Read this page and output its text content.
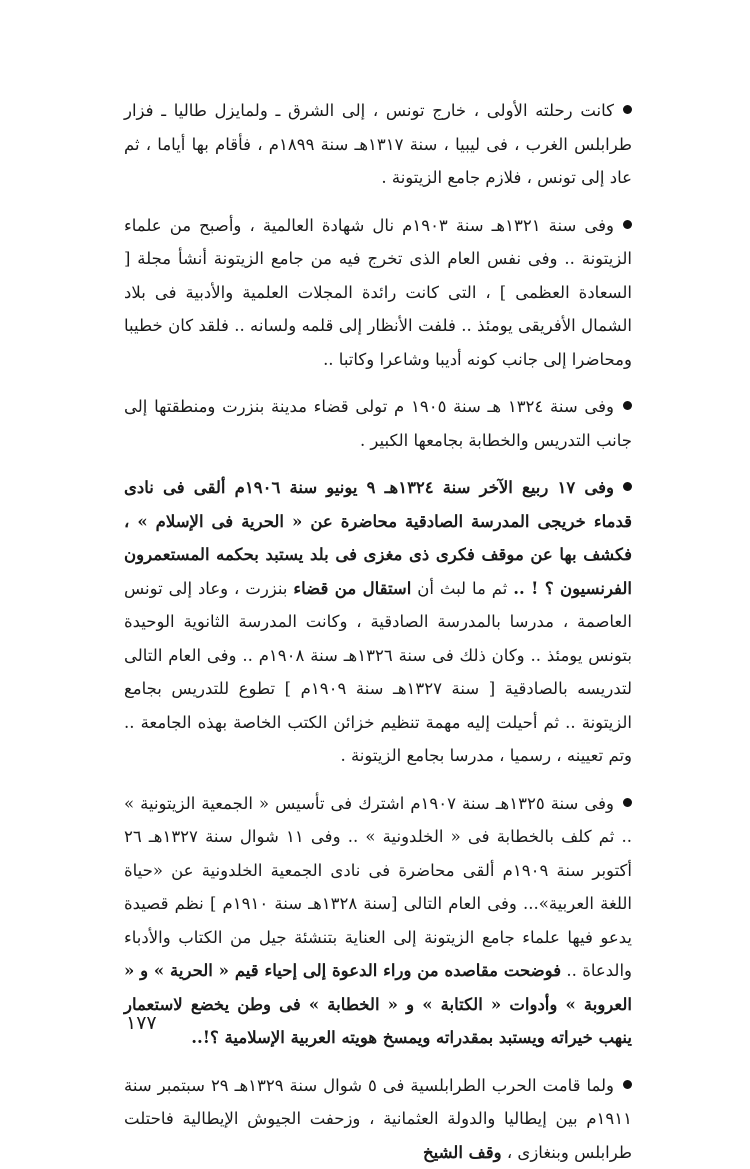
كانت رحلته الأولى ، خارج تونس ، إلى الشرق ـ ولمايزل طاليا ـ فزار طرابلس الغرب ، فى ليبيا ، سنة ١٣١٧هـ سنة ١٨٩٩م ، فأقام بها أياما ، ثم عاد إلى تونس ، فلازم جامع الزيتونة .

وفى سنة ١٣٢١هـ سنة ١٩٠٣م نال شهادة العالمية ، وأصبح من علماء الزيتونة .. وفى نفس العام الذى تخرج فيه من جامع الزيتونة أنشأ مجلة [ السعادة العظمى ] ، التى كانت رائدة المجلات العلمية والأدبية فى بلاد الشمال الأفريقى يومئذ .. فلفت الأنظار إلى قلمه ولسانه .. فلقد كان خطيبا ومحاضرا إلى جانب كونه أديبا وشاعرا وكاتبا ..

وفى سنة ١٣٢٤ هـ سنة ١٩٠٥ م تولى قضاء مدينة بنزرت ومنطقتها إلى جانب التدريس والخطابة بجامعها الكبير .

وفى ١٧ ربيع الآخر سنة ١٣٢٤هـ ٩ يونيو سنة ١٩٠٦م ألقى فى نادى قدماء خريجى المدرسة الصادقية محاضرة عن « الحرية فى الإسلام » ، فكشف بها عن موقف فكرى ذى مغزى فى بلد يستبد بحكمه المستعمرون الفرنسيون ؟ ! .. ثم ما لبث أن استقال من قضاء بنزرت ، وعاد إلى تونس العاصمة ، مدرسا بالمدرسة الصادقية ، وكانت المدرسة الثانوية الوحيدة بتونس يومئذ .. وكان ذلك فى سنة ١٣٢٦هـ سنة ١٩٠٨م .. وفى العام التالى لتدريسه بالصادقية [ سنة ١٣٢٧هـ سنة ١٩٠٩م ] تطوع للتدريس بجامع الزيتونة .. ثم أحيلت إليه مهمة تنظيم خزائن الكتب الخاصة بهذه الجامعة .. وتم تعيينه ، رسميا ، مدرسا بجامع الزيتونة .

وفى سنة ١٣٢٥هـ سنة ١٩٠٧م اشترك فى تأسيس « الجمعية الزيتونية » .. ثم كلف بالخطابة فى « الخلدونية » .. وفى ١١ شوال سنة ١٣٢٧هـ ٢٦ أكتوبر سنة ١٩٠٩م ألقى محاضرة فى نادى الجمعية الخلدونية عن «حياة اللغة العربية»... وفى العام التالى [سنة ١٣٢٨هـ سنة ١٩١٠م ] نظم قصيدة يدعو فيها علماء جامع الزيتونة إلى العناية بتنشئة جيل من الكتاب والأدباء والدعاة .. فوضحت مقاصده من وراء الدعوة إلى إحياء قيم « الحرية » و « العروبة » وأدوات « الكتابة » و « الخطابة » فى وطن يخضع لاستعمار ينهب خيراته ويستبد بمقدراته ويمسخ هويته العربية الإسلامية ؟!..

ولما قامت الحرب الطرابلسية فى ٥ شوال سنة ١٣٢٩هـ ٢٩ سبتمبر سنة ١٩١١م بين إيطاليا والدولة العثمانية ، وزحفت الجيوش الإيطالية فاحتلت طرابلس وبنغازى ، وقف الشيخ

١٧٧
